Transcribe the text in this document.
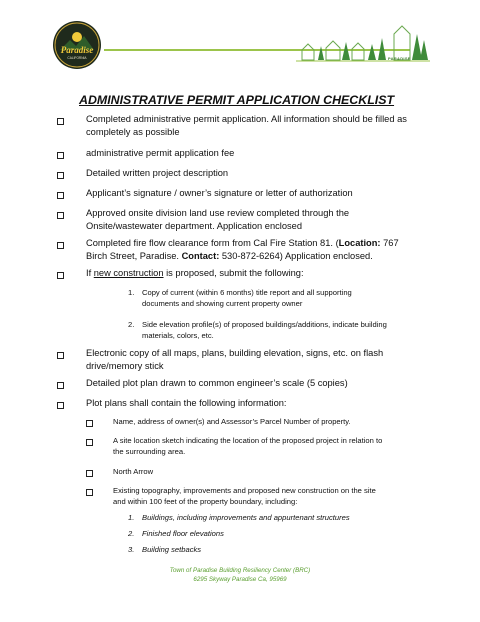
Paradise
CALIFORNIA	PARADISE
ADMINISTRATIVE PERMIT APPLICATION CHECKLIST
Completed administrative permit application. All information should be filled as
completely as possible
administrative permit application fee
Detailed written project description
Applicant’s signature / owner’s signature or letter of authorization
Approved onsite division land use review completed through the
Onsite/wastewater department. Application enclosed
Completed fire flow clearance form from Cal Fire Station 81. (Location: 767
Birch Street, Paradise. Contact: 530-872-6264) Application enclosed.
If new construction is proposed, submit the following:
1. Copy of current (within 6 months) title report and all supporting
documents and showing current property owner
2. Side elevation profile(s) of proposed buildings/additions, indicate building
materials, colors, etc.
Electronic copy of all maps, plans, building elevation, signs, etc. on flash
drive/memory stick
Detailed plot plan drawn to common engineer’s scale (5 copies)
Plot plans shall contain the following information:
Name, address of owner(s) and Assessor’s Parcel Number of property.
A site location sketch indicating the location of the proposed project in relation to
the surrounding area.
North Arrow
Existing topography, improvements and proposed new construction on the site
and within 100 feet of the property boundary, including:
1. Buildings, including improvements and appurtenant structures
2. Finished floor elevations
3. Building setbacks
Town of Paradise Building Resiliency Center (BRC)
6295 Skyway Paradise Ca, 95969
